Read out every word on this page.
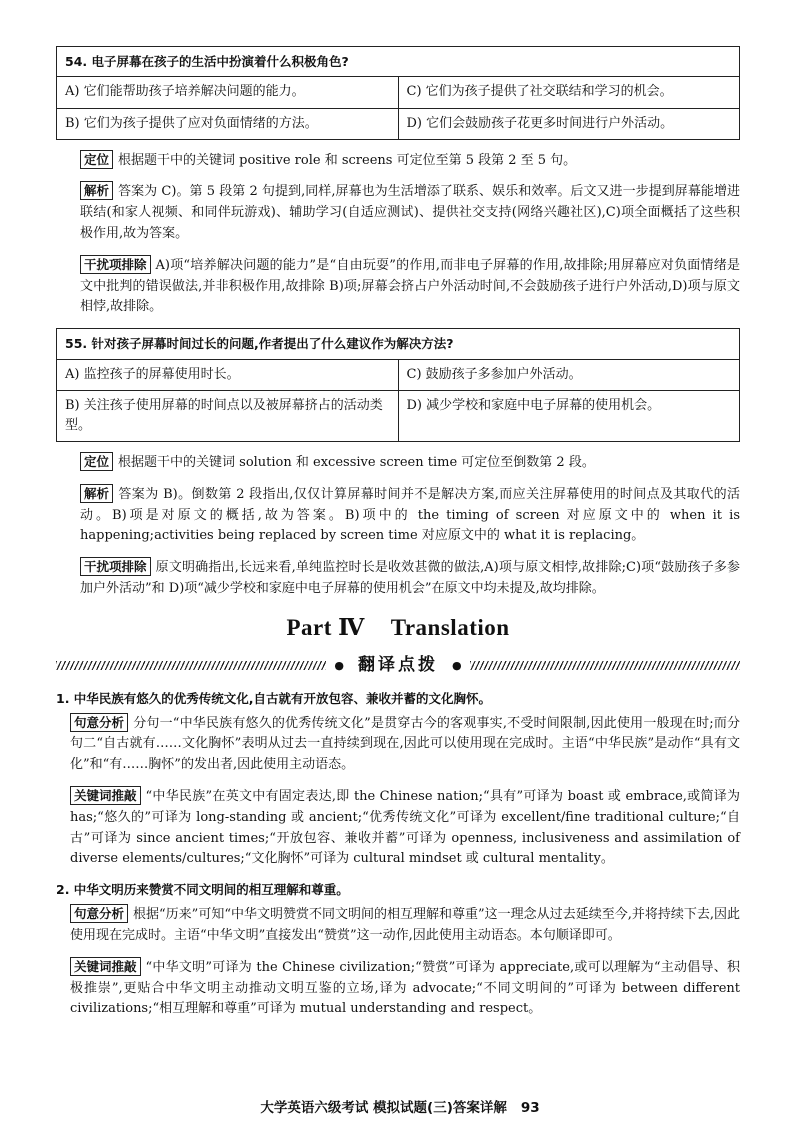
54. 电子屏幕在孩子的生活中扮演着什么积极角色?	
A) 它们能帮助孩子培养解决问题的能力。	C) 它们为孩子提供了社交联结和学习的机会。
B) 它们为孩子提供了应对负面情绪的方法。	D) 它们会鼓励孩子花更多时间进行户外活动。

定位 根据题干中的关键词 positive role 和 screens 可定位至第 5 段第 2 至 5 句。

解析 答案为 C)。第 5 段第 2 句提到,同样,屏幕也为生活增添了联系、娱乐和效率。后文又进一步提到屏幕能增进联结(和家人视频、和同伴玩游戏)、辅助学习(自适应测试)、提供社交支持(网络兴趣社区),C)项全面概括了这些积极作用,故为答案。

干扰项排除 A)项“培养解决问题的能力”是“自由玩耍”的作用,而非电子屏幕的作用,故排除;用屏幕应对负面情绪是文中批判的错误做法,并非积极作用,故排除 B)项;屏幕会挤占户外活动时间,不会鼓励孩子进行户外活动,D)项与原文相悖,故排除。

55. 针对孩子屏幕时间过长的问题,作者提出了什么建议作为解决方法?	
A) 监控孩子的屏幕使用时长。	C) 鼓励孩子多参加户外活动。
B) 关注孩子使用屏幕的时间点以及被屏幕挤占的活动类型。	D) 减少学校和家庭中电子屏幕的使用机会。

定位 根据题干中的关键词 solution 和 excessive screen time 可定位至倒数第 2 段。

解析 答案为 B)。倒数第 2 段指出,仅仅计算屏幕时间并不是解决方案,而应关注屏幕使用的时间点及其取代的活动。B)项是对原文的概括,故为答案。B)项中的 the timing of screen 对应原文中的 when it is happening;activities being replaced by screen time 对应原文中的 what it is replacing。

干扰项排除 原文明确指出,长远来看,单纯监控时长是收效甚微的做法,A)项与原文相悖,故排除;C)项“鼓励孩子多参加户外活动”和 D)项“减少学校和家庭中电子屏幕的使用机会”在原文中均未提及,故均排除。

Part Ⅳ Translation
● 翻译点拨	●
1. 中华民族有悠久的优秀传统文化,自古就有开放包容、兼收并蓄的文化胸怀。

句意分析 分句一“中华民族有悠久的优秀传统文化”是贯穿古今的客观事实,不受时间限制,因此使用一般现在时;而分句二“自古就有……文化胸怀”表明从过去一直持续到现在,因此可以使用现在完成时。主语“中华民族”是动作“具有文化”和“有……胸怀”的发出者,因此使用主动语态。

关键词推敲 “中华民族”在英文中有固定表达,即 the Chinese nation;“具有”可译为 boast 或 embrace,或简译为 has;“悠久的”可译为 long-standing 或 ancient;“优秀传统文化”可译为 excellent/fine traditional culture;“自古”可译为 since ancient times;“开放包容、兼收并蓄”可译为 openness, inclusiveness and assimilation of diverse elements/cultures;“文化胸怀”可译为 cultural mindset 或 cultural mentality。

2. 中华文明历来赞赏不同文明间的相互理解和尊重。

句意分析 根据“历来”可知“中华文明赞赏不同文明间的相互理解和尊重”这一理念从过去延续至今,并将持续下去,因此使用现在完成时。主语“中华文明”直接发出“赞赏”这一动作,因此使用主动语态。本句顺译即可。

关键词推敲 “中华文明”可译为 the Chinese civilization;“赞赏”可译为 appreciate,或可以理解为“主动倡导、积极推崇”,更贴合中华文明主动推动文明互鉴的立场,译为 advocate;“不同文明间的”可译为 between different civilizations;“相互理解和尊重”可译为 mutual understanding and respect。

大学英语六级考试 模拟试题(三)答案详解 93
